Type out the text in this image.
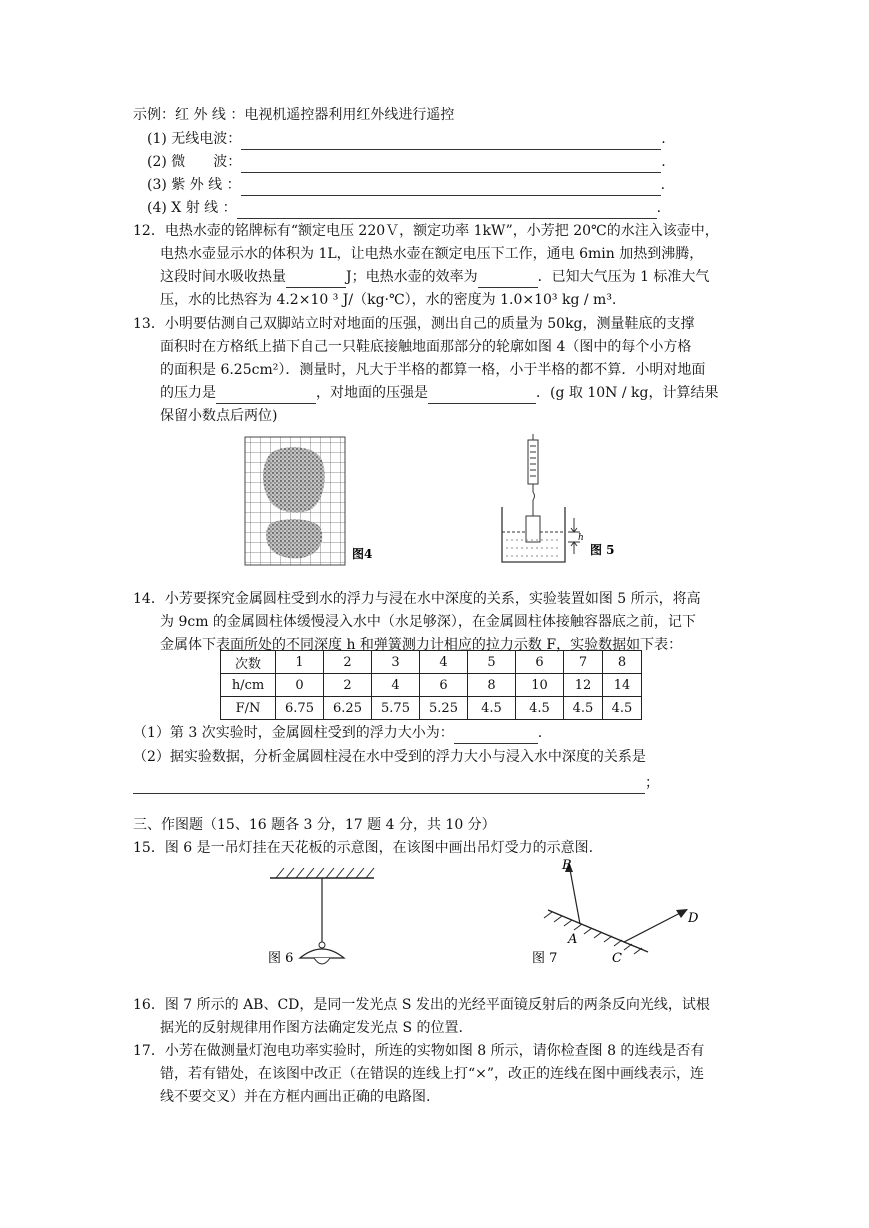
示例：红 外 线 ：电视机遥控器利用红外线进行遥控
(1) 无线电波：	.
(2) 微　　波：	.
(3) 紫 外 线 ：	.
(4) X 射 线 ：	.
12．电热水壶的铭牌标有“额定电压 220Ｖ，额定功率 1kW”，小芳把 20℃的水注入该壶中，
电热水壶显示水的体积为 1L，让电热水壶在额定电压下工作，通电 6min 加热到沸腾，
这段时间水吸收热量	J；电热水壶的效率为	．已知大气压为 1 标准大气
压，水的比热容为 4.2×10 ³ J/（kg·℃），水的密度为 1.0×10³ kg / m³.
13．小明要估测自己双脚站立时对地面的压强，测出自己的质量为 50kg，测量鞋底的支撑
面积时在方格纸上描下自己一只鞋底接触地面那部分的轮廓如图 4（图中的每个小方格
的面积是 6.25cm²）．测量时，凡大于半格的都算一格，小于半格的都不算．小明对地面
的压力是	，对地面的压强是	．(g 取 10N / kg，计算结果
保留小数点后两位)
图4
h
图 5
14．小芳要探究金属圆柱受到水的浮力与浸在水中深度的关系，实验装置如图 5 所示，将高
为 9cm 的金属圆柱体缓慢浸入水中（水足够深），在金属圆柱体接触容器底之前，记下
金属体下表面所处的不同深度 h 和弹簧测力计相应的拉力示数 F，实验数据如下表：
次数	1	2	3	4	5	6	7	8
h/cm	0	2	4	6	8	10	12	14
F/N	6.75	6.25	5.75	5.25	4.5	4.5	4.5	4.5
（1）第 3 次实验时，金属圆柱受到的浮力大小为：	.
（2）据实验数据，分析金属圆柱浸在水中受到的浮力大小与浸入水中深度的关系是
；
三、作图题（15、16 题各 3 分，17 题 4 分，共 10 分）
15．图 6 是一吊灯挂在天花板的示意图，在该图中画出吊灯受力的示意图.
图 6
B
A
C
D
图 7
16．图 7 所示的 AB、CD，是同一发光点 S 发出的光经平面镜反射后的两条反向光线，试根
据光的反射规律用作图方法确定发光点 S 的位置.
17．小芳在做测量灯泡电功率实验时，所连的实物如图 8 所示，请你检查图 8 的连线是否有
错，若有错处，在该图中改正（在错误的连线上打“×”，改正的连线在图中画线表示，连
线不要交叉）并在方框内画出正确的电路图.
